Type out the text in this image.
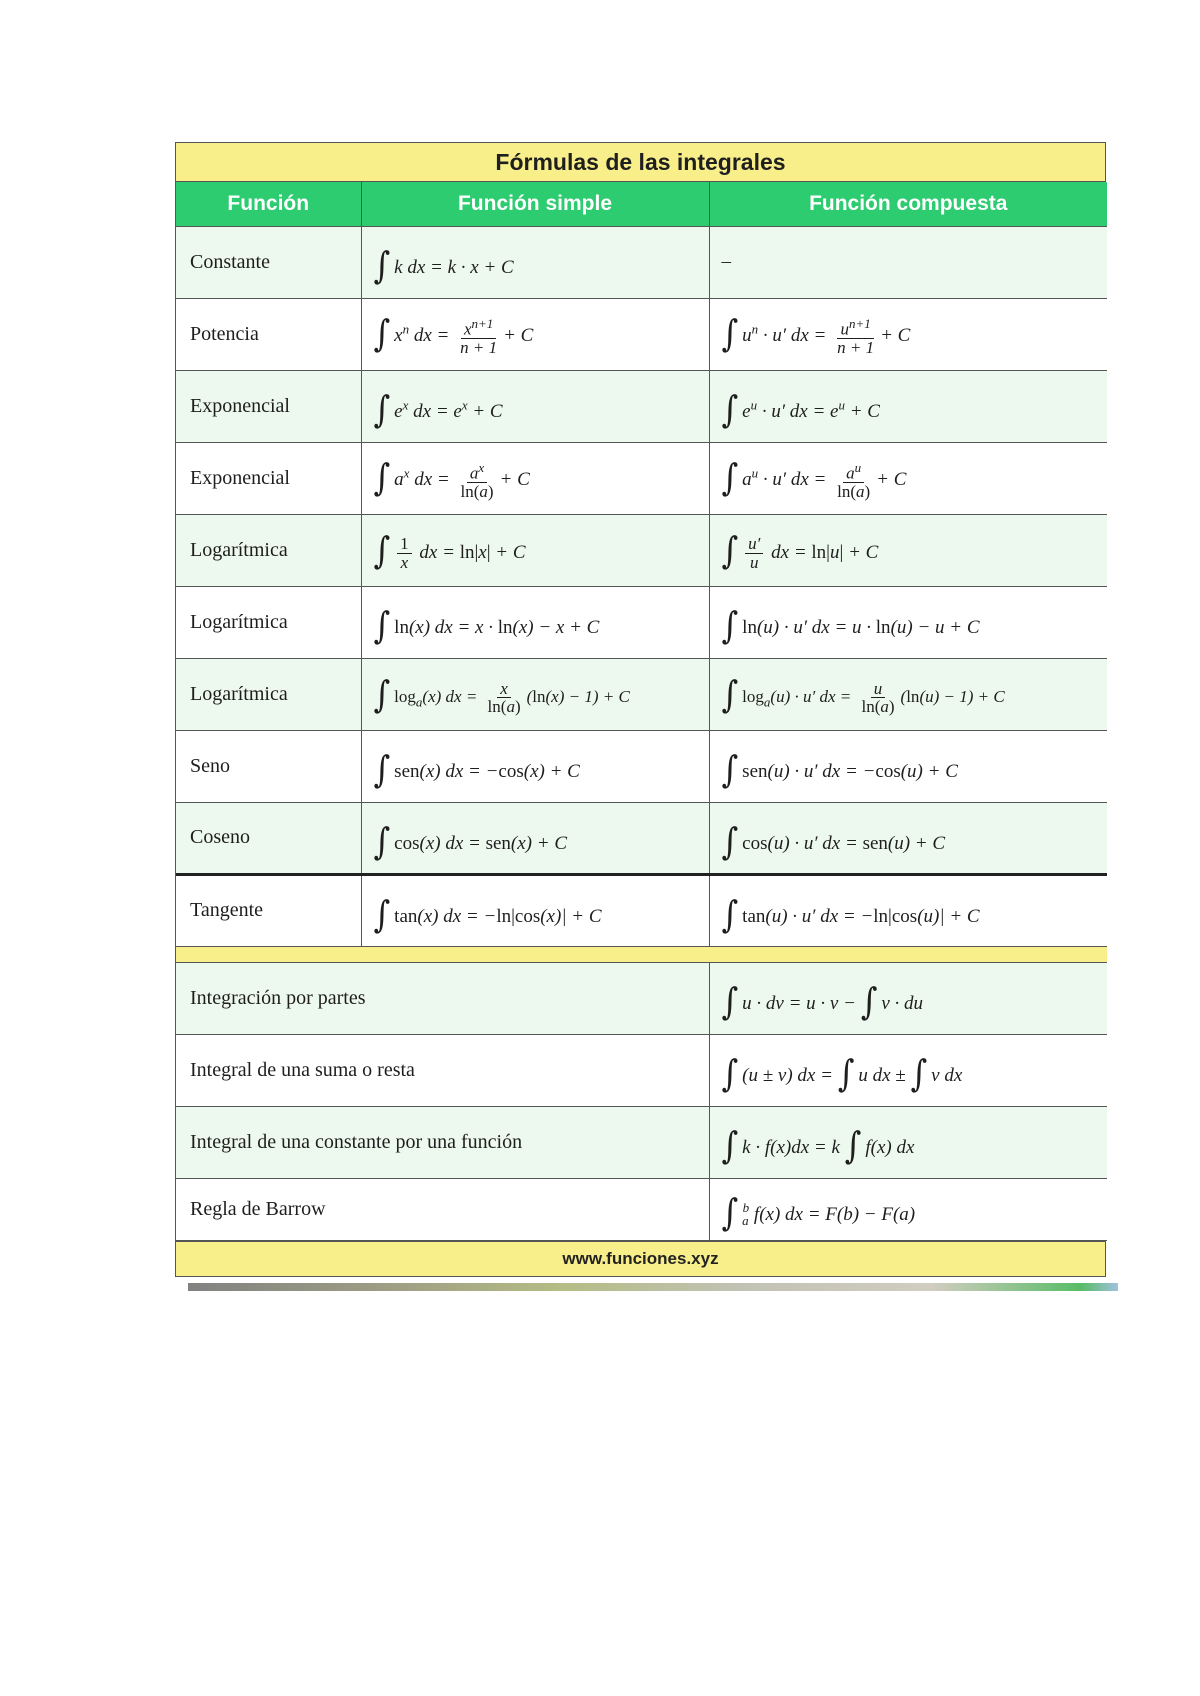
Fórmulas de las integrales
Función	Función simple	Función compuesta
Constante	∫ k dx = k · x + C	–
Potencia	∫ $x^n$ dx = $\frac{x^{n+1}}{n + 1} + C$	∫ $u^n \cdot u'$ dx = $\frac{u^{n+1}}{n + 1} + C$
Exponencial	∫ $e^x$ dx = $e^x + C$	∫ $e^u \cdot u'$ dx = $e^u + C$
Exponencial	∫ $a^x$ dx = $\frac{a^x}{\ln(a)} + C$	∫ $a^u \cdot u'$ dx = $\frac{a^u}{\ln(a)} + C$
Logarítmica	∫ $\frac{1}{x}$ dx = ln|x| + C	∫ $\frac{u'}{u}$ dx = ln|u| + C
Logarítmica	∫ ln(x) dx = x · ln(x) − x + C	∫ ln(u) · u′ dx = u · ln(u) − u + C
Logarítmica	∫ $\log_a(x)$ dx = $\frac{x}{\ln(a)} (\ln(x) - 1) + C$	∫ $\log_a(u) \cdot u'$ dx = $\frac{u}{\ln(a)} (\ln(u) - 1) + C$
Seno	∫ sen(x) dx = −cos(x) + C	∫ sen(u) · u′ dx = −cos(u) + C
Coseno	∫ cos(x) dx = sen(x) + C	∫ cos(u) · u′ dx = sen(u) + C
Tangente	∫ tan(x) dx = −ln|cos(x)| + C	∫ tan(u) · u′ dx = −ln|cos(u)| + C

Integración por partes		∫ u · dv = u · v − ∫ v · du
Integral de una suma o resta		∫ (u ± v) dx = ∫ u dx ± ∫ v dx
Integral de una constante por una función		∫ k · f(x)dx = k ∫ f(x) dx
Regla de Barrow		∫ $_a^b$ f(x) dx = F(b) − F(a)
www.funciones.xyz
